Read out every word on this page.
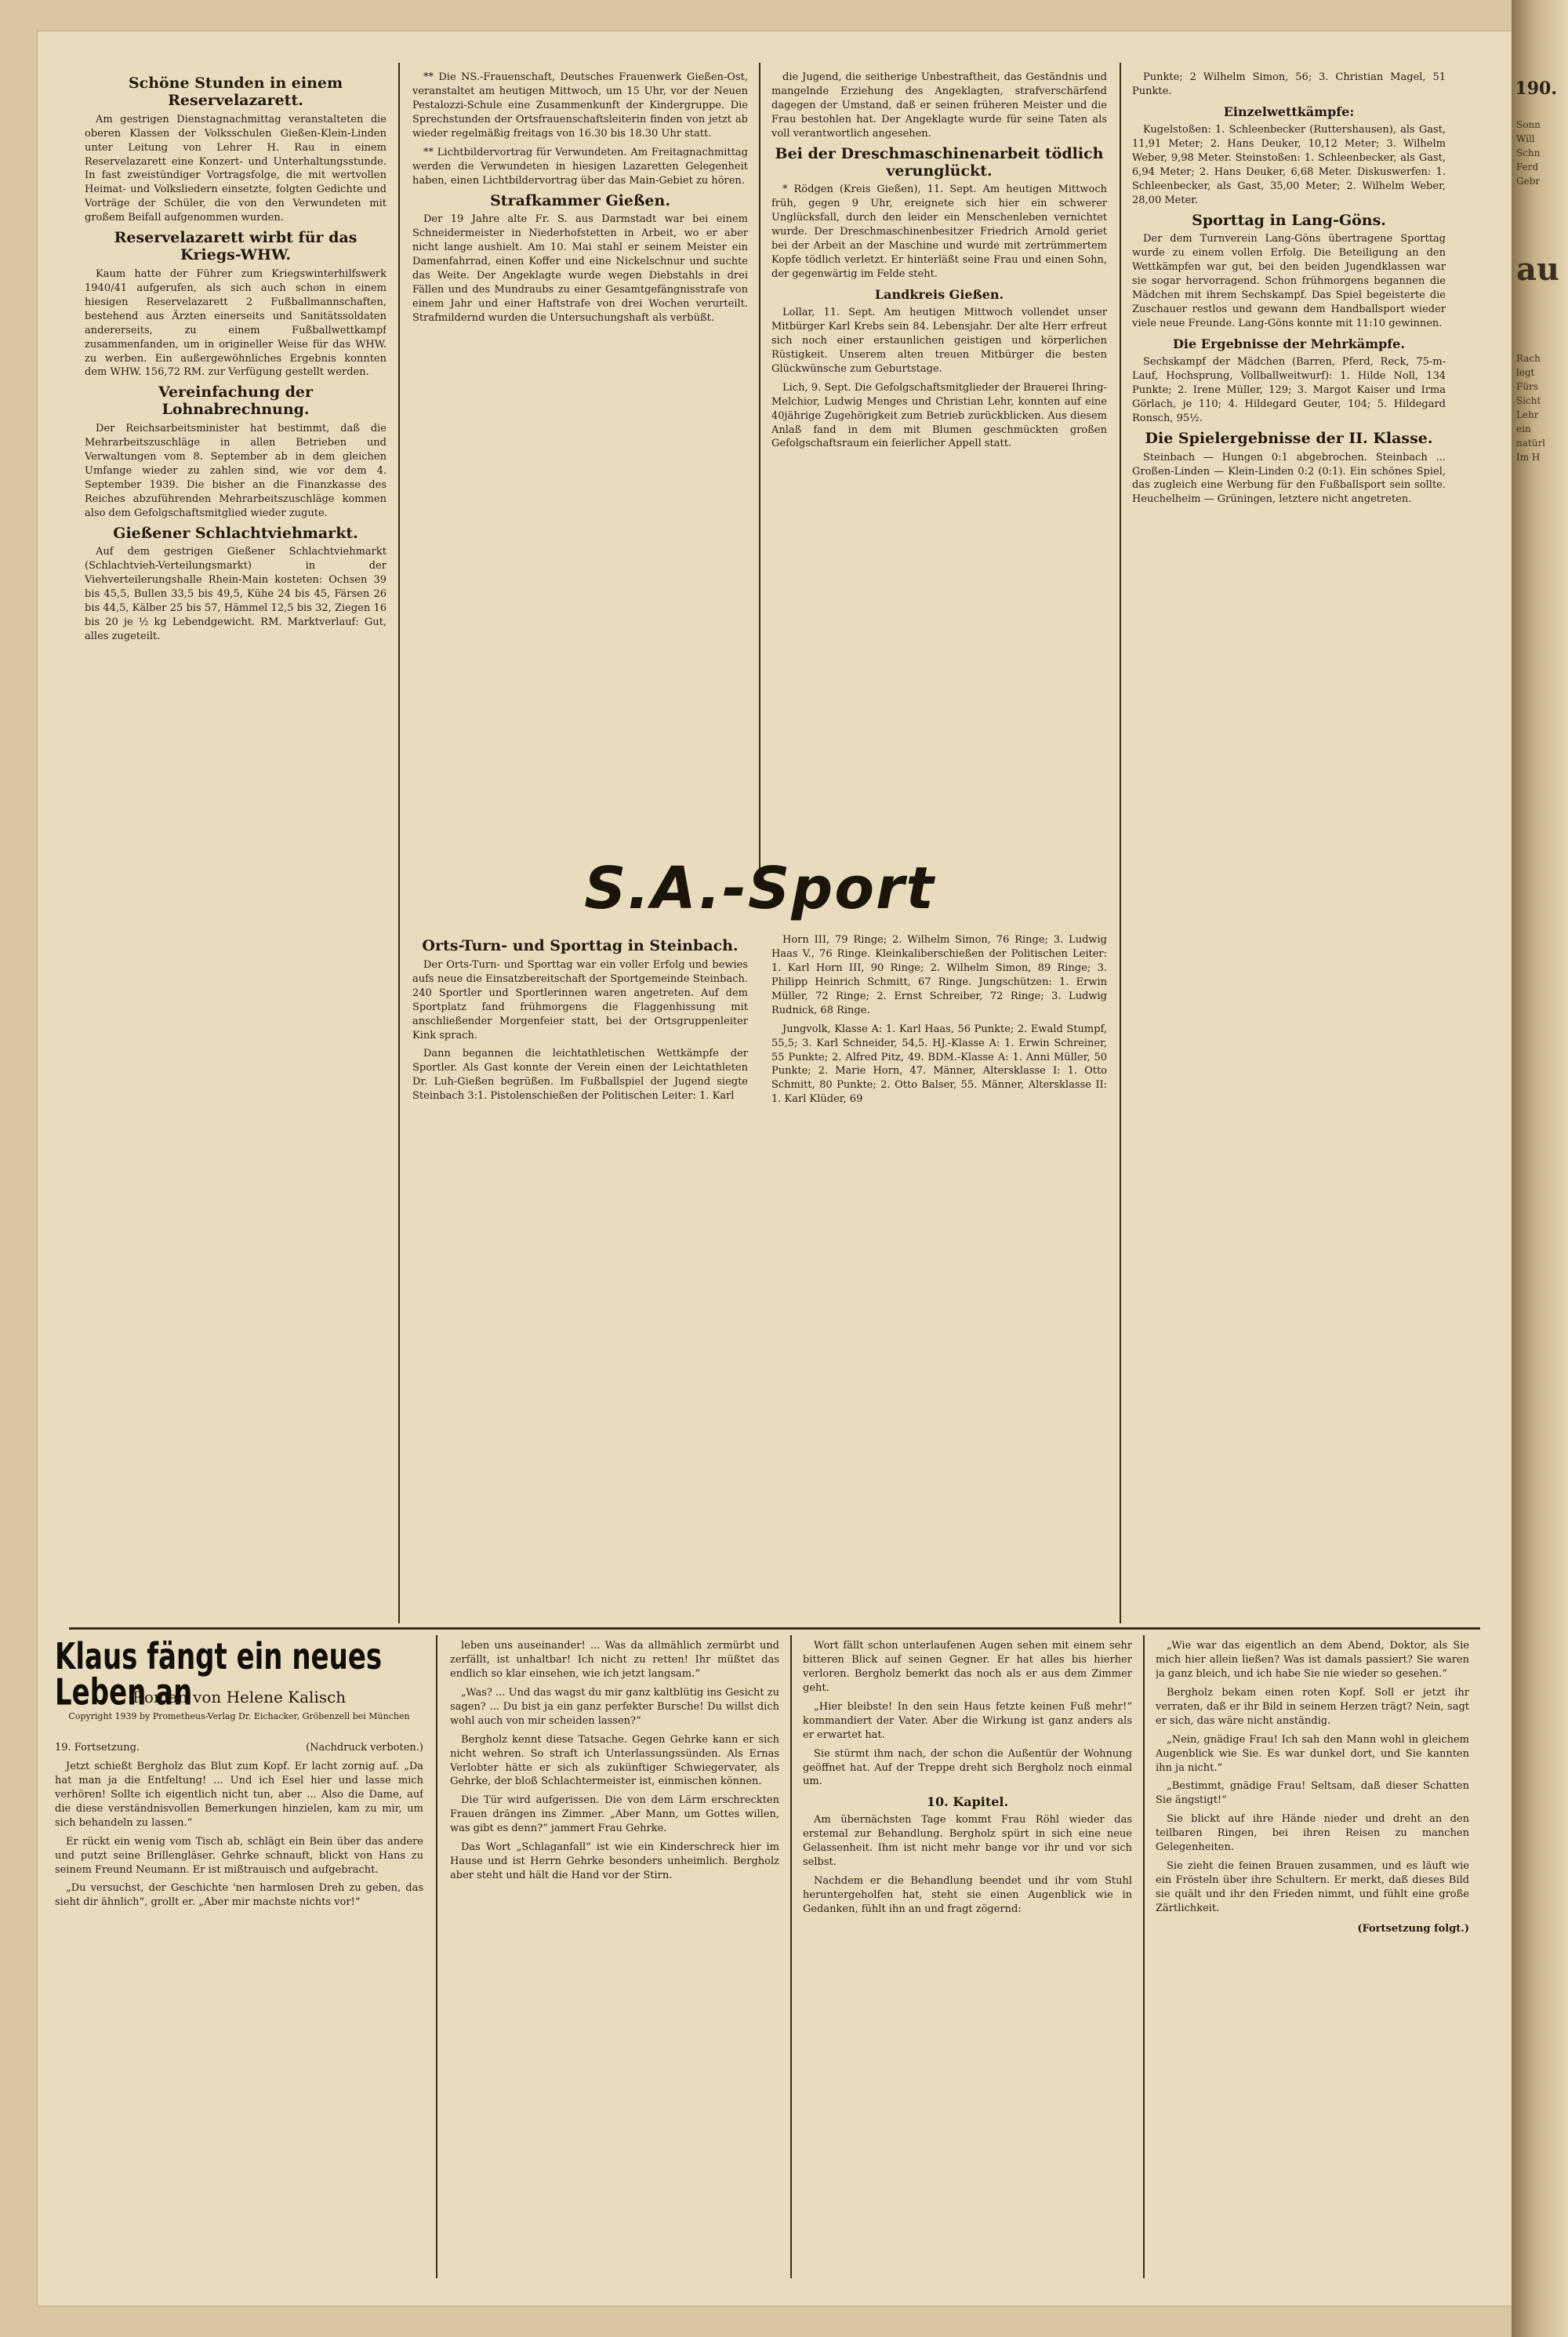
Schöne Stunden in einem Reservelazarett.

Am gestrigen Dienstagnachmittag veranstalteten die oberen Klassen der Volksschulen Gießen-Klein-Linden unter Leitung von Lehrer H. Rau in einem Reservelazarett eine Konzert- und Unterhaltungsstunde. In fast zweistündiger Vortragsfolge, die mit wertvollen Heimat- und Volksliedern einsetzte, folgten Gedichte und Vorträge der Schüler, die von den Verwundeten mit großem Beifall aufgenommen wurden.

Reservelazarett wirbt für das Kriegs-WHW.

Kaum hatte der Führer zum Kriegswinterhilfswerk 1940/41 aufgerufen, als sich auch schon in einem hiesigen Reservelazarett 2 Fußballmannschaften, bestehend aus Ärzten einerseits und Sanitätssoldaten andererseits, zu einem Fußballwettkampf zusammenfanden, um in origineller Weise für das WHW. zu werben. Ein außergewöhnliches Ergebnis konnten dem WHW. 156,72 RM. zur Verfügung gestellt werden.

Vereinfachung der Lohnabrechnung.

Der Reichsarbeitsminister hat bestimmt, daß die Mehrarbeitszuschläge in allen Betrieben und Verwaltungen vom 8. September ab in dem gleichen Umfange wieder zu zahlen sind, wie vor dem 4. September 1939. Die bisher an die Finanzkasse des Reiches abzuführenden Mehrarbeitszuschläge kommen also dem Gefolgschaftsmitglied wieder zugute.

Gießener Schlachtviehmarkt.

Auf dem gestrigen Gießener Schlachtviehmarkt (Schlachtvieh-Verteilungsmarkt) in der Viehverteilerungshalle Rhein-Main kosteten: Ochsen 39 bis 45,5, Bullen 33,5 bis 49,5, Kühe 24 bis 45, Färsen 26 bis 44,5, Kälber 25 bis 57, Hämmel 12,5 bis 32, Ziegen 16 bis 20 je ½ kg Lebendgewicht. RM. Marktverlauf: Gut, alles zugeteilt.

** Die NS.-Frauenschaft, Deutsches Frauenwerk Gießen-Ost, veranstaltet am heutigen Mittwoch, um 15 Uhr, vor der Neuen Pestalozzi-Schule eine Zusammenkunft der Kindergruppe. Die Sprechstunden der Ortsfrauenschaftsleiterin finden von jetzt ab wieder regelmäßig freitags von 16.30 bis 18.30 Uhr statt.

** Lichtbildervortrag für Verwundeten. Am Freitagnachmittag werden die Verwundeten in hiesigen Lazaretten Gelegenheit haben, einen Lichtbildervortrag über das Main-Gebiet zu hören.

Strafkammer Gießen.

Der 19 Jahre alte Fr. S. aus Darmstadt war bei einem Schneidermeister in Niederhofstetten in Arbeit, wo er aber nicht lange aushielt. Am 10. Mai stahl er seinem Meister ein Damenfahrrad, einen Koffer und eine Nickelschnur und suchte das Weite. Der Angeklagte wurde wegen Diebstahls in drei Fällen und des Mundraubs zu einer Gesamtgefängnisstrafe von einem Jahr und einer Haftstrafe von drei Wochen verurteilt. Strafmildernd wurden die Untersuchungshaft als verbüßt.

die Jugend, die seitherige Unbestraftheit, das Geständnis und mangelnde Erziehung des Angeklagten, strafverschärfend dagegen der Umstand, daß er seinen früheren Meister und die Frau bestohlen hat. Der Angeklagte wurde für seine Taten als voll verantwortlich angesehen.

Bei der Dreschmaschinenarbeit tödlich verunglückt.

* Rödgen (Kreis Gießen), 11. Sept. Am heutigen Mittwoch früh, gegen 9 Uhr, ereignete sich hier ein schwerer Unglücksfall, durch den leider ein Menschenleben vernichtet wurde. Der Dreschmaschinenbesitzer Friedrich Arnold geriet bei der Arbeit an der Maschine und wurde mit zertrümmertem Kopfe tödlich verletzt. Er hinterläßt seine Frau und einen Sohn, der gegenwärtig im Felde steht.

Landkreis Gießen.

Lollar, 11. Sept. Am heutigen Mittwoch vollendet unser Mitbürger Karl Krebs sein 84. Lebensjahr. Der alte Herr erfreut sich noch einer erstaunlichen geistigen und körperlichen Rüstigkeit. Unserem alten treuen Mitbürger die besten Glückwünsche zum Geburtstage.

Lich, 9. Sept. Die Gefolgschaftsmitglieder der Brauerei Ihring-Melchior, Ludwig Menges und Christian Lehr, konnten auf eine 40jährige Zugehörigkeit zum Betrieb zurückblicken. Aus diesem Anlaß fand in dem mit Blumen geschmückten großen Gefolgschaftsraum ein feierlicher Appell statt.

Punkte; 2 Wilhelm Simon, 56; 3. Christian Magel, 51 Punkte.

Einzelwettkämpfe:

Kugelstoßen: 1. Schleenbecker (Ruttershausen), als Gast, 11,91 Meter; 2. Hans Deuker, 10,12 Meter; 3. Wilhelm Weber, 9,98 Meter. Steinstoßen: 1. Schleenbecker, als Gast, 6,94 Meter; 2. Hans Deuker, 6,68 Meter. Diskuswerfen: 1. Schleenbecker, als Gast, 35,00 Meter; 2. Wilhelm Weber, 28,00 Meter.

Sporttag in Lang-Göns.

Der dem Turnverein Lang-Göns übertragene Sporttag wurde zu einem vollen Erfolg. Die Beteiligung an den Wettkämpfen war gut, bei den beiden Jugendklassen war sie sogar hervorragend. Schon frühmorgens begannen die Mädchen mit ihrem Sechskampf. Das Spiel begeisterte die Zuschauer restlos und gewann dem Handballsport wieder viele neue Freunde. Lang-Göns konnte mit 11:10 gewinnen.

Die Ergebnisse der Mehrkämpfe.

Sechskampf der Mädchen (Barren, Pferd, Reck, 75-m-Lauf, Hochsprung, Vollballweitwurf): 1. Hilde Noll, 134 Punkte; 2. Irene Müller, 129; 3. Margot Kaiser und Irma Görlach, je 110; 4. Hildegard Geuter, 104; 5. Hildegard Ronsch, 95½.

Die Spielergebnisse der II. Klasse.

Steinbach — Hungen 0:1 abgebrochen. Steinbach ... Großen-Linden — Klein-Linden 0:2 (0:1). Ein schönes Spiel, das zugleich eine Werbung für den Fußballsport sein sollte. Heuchelheim — Grüningen, letztere nicht angetreten.

S.A.-Sport
Orts-Turn- und Sporttag in Steinbach.

Der Orts-Turn- und Sporttag war ein voller Erfolg und bewies aufs neue die Einsatzbereitschaft der Sportgemeinde Steinbach. 240 Sportler und Sportlerinnen waren angetreten. Auf dem Sportplatz fand frühmorgens die Flaggenhissung mit anschließender Morgenfeier statt, bei der Ortsgruppenleiter Kink sprach.

Dann begannen die leichtathletischen Wettkämpfe der Sportler. Als Gast konnte der Verein einen der Leichtathleten Dr. Luh-Gießen begrüßen. Im Fußballspiel der Jugend siegte Steinbach 3:1. Pistolenschießen der Politischen Leiter: 1. Karl

Horn III, 79 Ringe; 2. Wilhelm Simon, 76 Ringe; 3. Ludwig Haas V., 76 Ringe. Kleinkaliberschießen der Politischen Leiter: 1. Karl Horn III, 90 Ringe; 2. Wilhelm Simon, 89 Ringe; 3. Philipp Heinrich Schmitt, 67 Ringe. Jungschützen: 1. Erwin Müller, 72 Ringe; 2. Ernst Schreiber, 72 Ringe; 3. Ludwig Rudnick, 68 Ringe.

Jungvolk, Klasse A: 1. Karl Haas, 56 Punkte; 2. Ewald Stumpf, 55,5; 3. Karl Schneider, 54,5. HJ.-Klasse A: 1. Erwin Schreiner, 55 Punkte; 2. Alfred Pitz, 49. BDM.-Klasse A: 1. Anni Müller, 50 Punkte; 2. Marie Horn, 47. Männer, Altersklasse I: 1. Otto Schmitt, 80 Punkte; 2. Otto Balser, 55. Männer, Altersklasse II: 1. Karl Klüder, 69

Klaus fängt ein neues Leben an
Roman von Helene Kalisch
Copyright 1939 by Prometheus-Verlag Dr. Eichacker, Gröbenzell bei München

19. Fortsetzung.	(Nachdruck verboten.)

Jetzt schießt Bergholz das Blut zum Kopf. Er lacht zornig auf. „Da hat man ja die Entfeltung! ... Und ich Esel hier und lasse mich verhören! Sollte ich eigentlich nicht tun, aber ... Also die Dame, auf die diese verständnisvollen Bemerkungen hinzielen, kam zu mir, um sich behandeln zu lassen.“

Er rückt ein wenig vom Tisch ab, schlägt ein Bein über das andere und putzt seine Brillengläser. Gehrke schnauft, blickt von Hans zu seinem Freund Neumann. Er ist mißtrauisch und aufgebracht.

„Du versuchst, der Geschichte 'nen harmlosen Dreh zu geben, das sieht dir ähnlich“, grollt er. „Aber mir machste nichts vor!“

leben uns auseinander! ... Was da allmählich zermürbt und zerfällt, ist unhaltbar! Ich nicht zu retten! Ihr müßtet das endlich so klar einsehen, wie ich jetzt langsam.“

„Was? ... Und das wagst du mir ganz kaltblütig ins Gesicht zu sagen? ... Du bist ja ein ganz perfekter Bursche! Du willst dich wohl auch von mir scheiden lassen?“

Bergholz kennt diese Tatsache. Gegen Gehrke kann er sich nicht wehren. So straft ich Unterlassungssünden. Als Ernas Verlobter hätte er sich als zukünftiger Schwiegervater, als Gehrke, der bloß Schlachtermeister ist, einmischen können.

Die Tür wird aufgerissen. Die von dem Lärm erschreckten Frauen drängen ins Zimmer. „Aber Mann, um Gottes willen, was gibt es denn?“ jammert Frau Gehrke.

Das Wort „Schlaganfall“ ist wie ein Kinderschreck hier im Hause und ist Herrn Gehrke besonders unheimlich. Bergholz aber steht und hält die Hand vor der Stirn.

Wort fällt schon unterlaufenen Augen sehen mit einem sehr bitteren Blick auf seinen Gegner. Er hat alles bis hierher verloren. Bergholz bemerkt das noch als er aus dem Zimmer geht.

„Hier bleibste! In den sein Haus fetzte keinen Fuß mehr!“ kommandiert der Vater. Aber die Wirkung ist ganz anders als er erwartet hat.

Sie stürmt ihm nach, der schon die Außentür der Wohnung geöffnet hat. Auf der Treppe dreht sich Bergholz noch einmal um.

10. Kapitel.

Am übernächsten Tage kommt Frau Röhl wieder das erstemal zur Behandlung. Bergholz spürt in sich eine neue Gelassenheit. Ihm ist nicht mehr bange vor ihr und vor sich selbst.

Nachdem er die Behandlung beendet und ihr vom Stuhl heruntergeholfen hat, steht sie einen Augenblick wie in Gedanken, fühlt ihn an und fragt zögernd:

„Wie war das eigentlich an dem Abend, Doktor, als Sie mich hier allein ließen? Was ist damals passiert? Sie waren ja ganz bleich, und ich habe Sie nie wieder so gesehen.“

Bergholz bekam einen roten Kopf. Soll er jetzt ihr verraten, daß er ihr Bild in seinem Herzen trägt? Nein, sagt er sich, das wäre nicht anständig.

„Nein, gnädige Frau! Ich sah den Mann wohl in gleichem Augenblick wie Sie. Es war dunkel dort, und Sie kannten ihn ja nicht.“

„Bestimmt, gnädige Frau! Seltsam, daß dieser Schatten Sie ängstigt!“

Sie blickt auf ihre Hände nieder und dreht an den teilbaren Ringen, bei ihren Reisen zu manchen Gelegenheiten.

Sie zieht die feinen Brauen zusammen, und es läuft wie ein Frösteln über ihre Schultern. Er merkt, daß dieses Bild sie quält und ihr den Frieden nimmt, und fühlt eine große Zärtlichkeit.

(Fortsetzung folgt.)
190.
Sonn
Will
Schn
Ferd
Gebr
au
Rach
legt
Fürs
Sicht
Lehr
ein
natürl
Im H
